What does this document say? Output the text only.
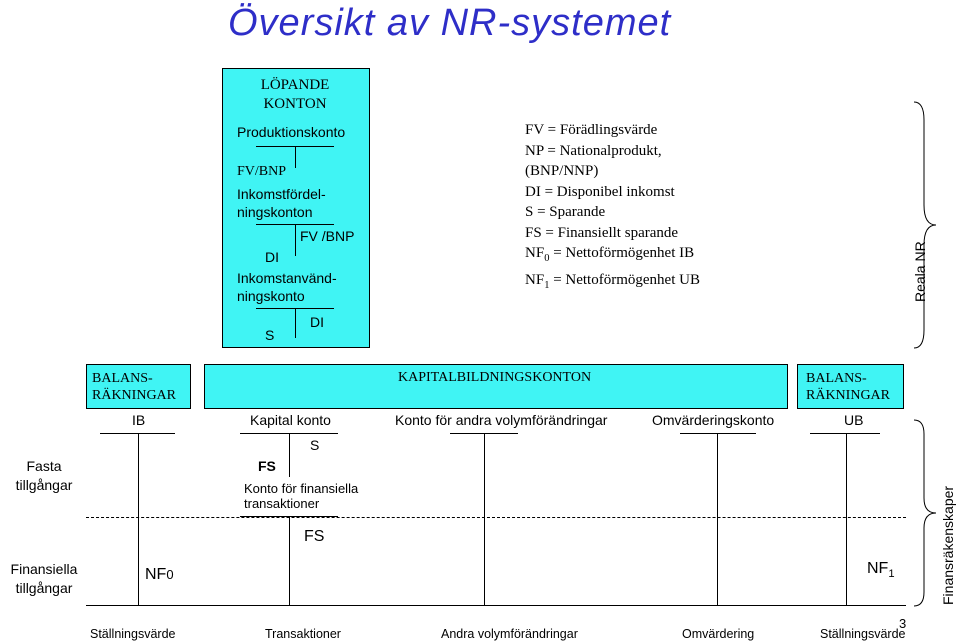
Översikt av NR-systemet
LÖPANDE
KONTON
Produktionskonto
FV/BNP
Inkomstfördel-
ningskonton
FV /BNP
DI
Inkomstanvänd-
ningskonto
DI
S
FV = Förädlingsvärde
NP = Nationalprodukt,
(BNP/NNP)
DI = Disponibel inkomst
S = Sparande
FS = Finansiellt sparande
$NF_0$ = Nettoförmögenhet IB
$NF_1$ = Nettoförmögenhet UB	Reala NR
BALANS-
RÄKNINGAR
KAPITALBILDNINGSKONTON	BALANS-
RÄKNINGAR
IB	Kapital konto	Konto för andra volymförändringar	Omvärderingskonto	UB
S
FS
Konto för finansiella
transaktioner
FS
Fasta
tillgångar
Finansiella
tillgångar
NF0	$NF_1$	Finansräkenskaper
Ställningsvärde	Transaktioner	Andra volymförändringar	Omvärdering	Ställningsvärde
3
